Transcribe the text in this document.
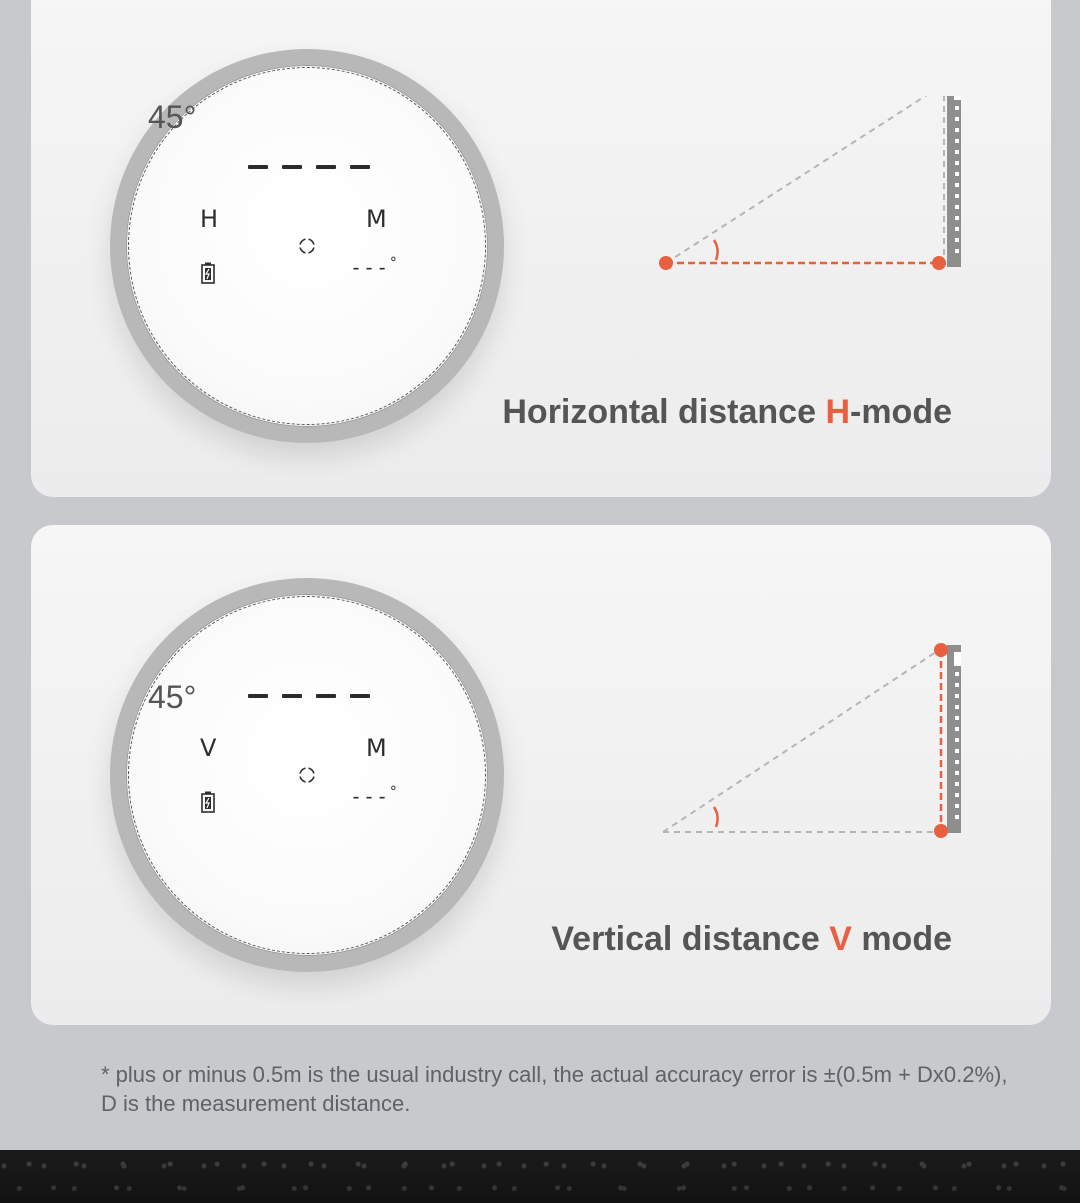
H	M
---°
45°
Horizontal distance H-mode
V	M
---°
45°
Vertical distance V mode
* plus or minus 0.5m is the usual industry call, the actual accuracy error is ±(0.5m + Dx0.2%), D is the measurement distance.
